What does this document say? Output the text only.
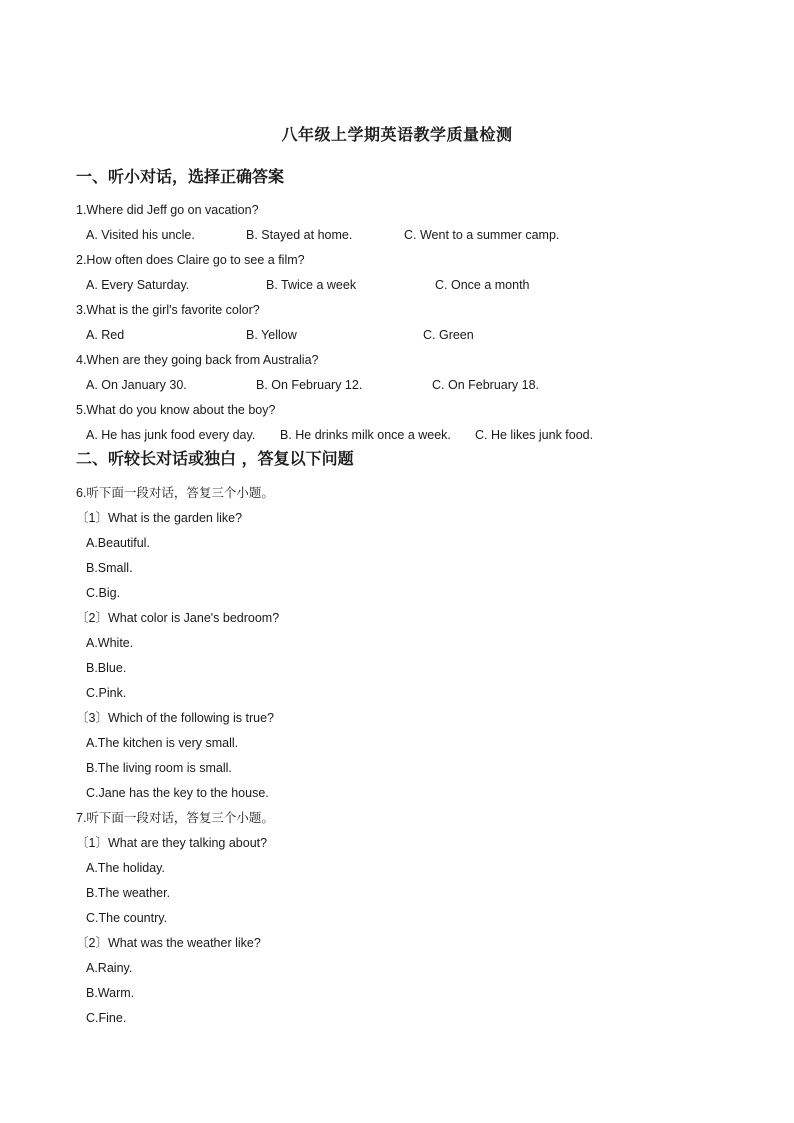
八年级上学期英语教学质量检测
一、听小对话，选择正确答案
1.Where did Jeff go on vacation?
A. Visited his uncle.	B. Stayed at home.	C. Went to a summer camp.
2.How often does Claire go to see a film?
A. Every Saturday.	B. Twice a week	C. Once a month
3.What is the girl's favorite color?
A. Red	B. Yellow	C. Green
4.When are they going back from Australia?
A. On January 30.	B. On February 12.	C. On February 18.
5.What do you know about the boy?
A. He has junk food every day. B. He drinks milk once a week. C. He likes junk food.
二、听较长对话或独白 ，答复以下问题
6.听下面一段对话，答复三个小题。
〔1〕What is the garden like?
A.Beautiful.
B.Small.
C.Big.
〔2〕What color is Jane's bedroom?
A.White.
B.Blue.
C.Pink.
〔3〕Which of the following is true?
A.The kitchen is very small.
B.The living room is small.
C.Jane has the key to the house.
7.听下面一段对话，答复三个小题。
〔1〕What are they talking about?
A.The holiday.
B.The weather.
C.The country.
〔2〕What was the weather like?
A.Rainy.
B.Warm.
C.Fine.
